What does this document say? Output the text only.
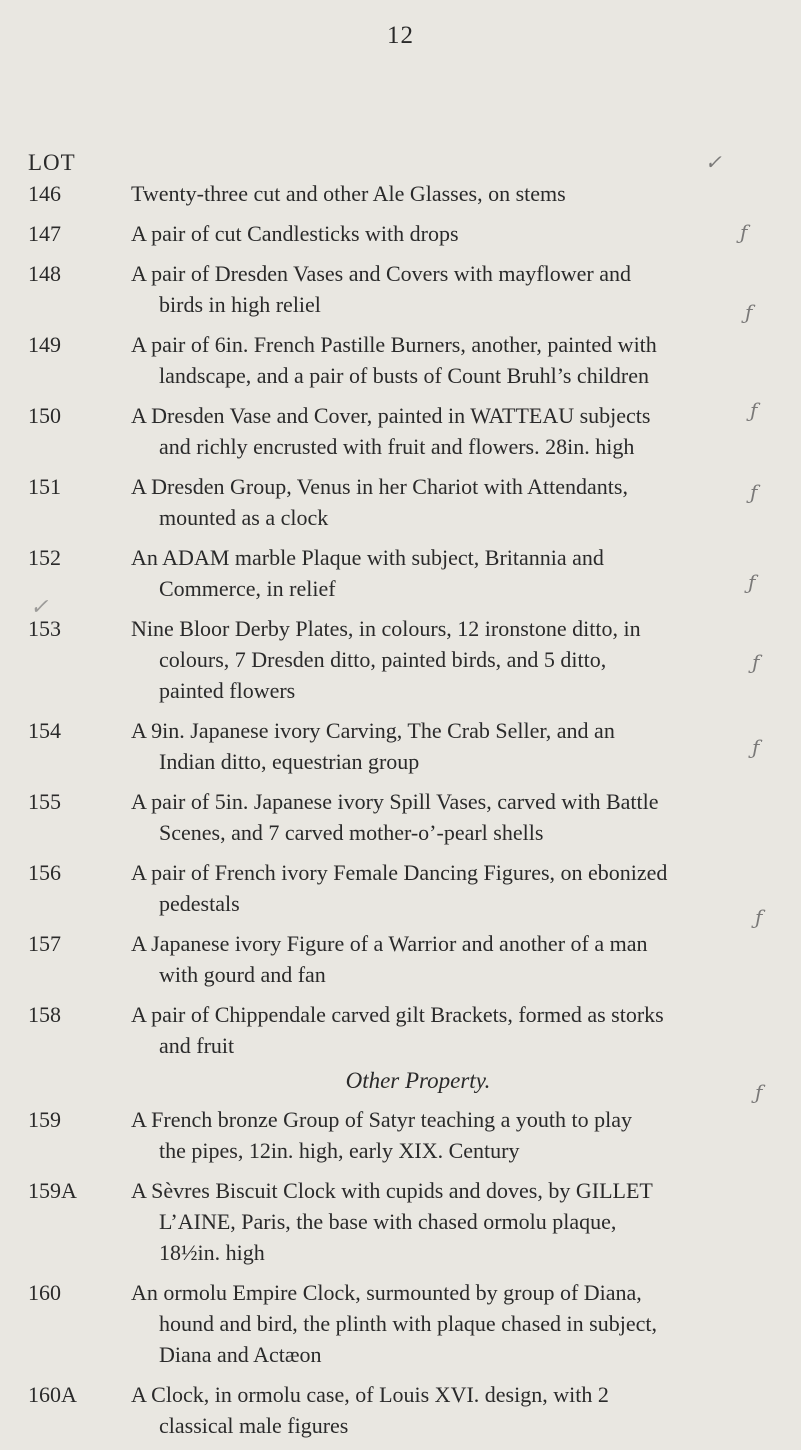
12
LOT
146	Twenty-three cut and other Ale Glasses, on stems
147	A pair of cut Candlesticks with drops
148	A pair of Dresden Vases and Covers with mayflower and
birds in high reliel
149	A pair of 6in. French Pastille Burners, another, painted with
landscape, and a pair of busts of Count Bruhl’s children
150	A Dresden Vase and Cover, painted in WATTEAU subjects
and richly encrusted with fruit and flowers. 28in. high
151	A Dresden Group, Venus in her Chariot with Attendants,
mounted as a clock
152	An ADAM marble Plaque with subject, Britannia and
Commerce, in relief
153	Nine Bloor Derby Plates, in colours, 12 ironstone ditto, in
colours, 7 Dresden ditto, painted birds, and 5 ditto,
painted flowers
154	A 9in. Japanese ivory Carving, The Crab Seller, and an
Indian ditto, equestrian group
155	A pair of 5in. Japanese ivory Spill Vases, carved with Battle
Scenes, and 7 carved mother-o’-pearl shells
156	A pair of French ivory Female Dancing Figures, on ebonized
pedestals
157	A Japanese ivory Figure of a Warrior and another of a man
with gourd and fan
158	A pair of Chippendale carved gilt Brackets, formed as storks
and fruit
Other Property.
159	A French bronze Group of Satyr teaching a youth to play
the pipes, 12in. high, early XIX. Century
159A	A Sèvres Biscuit Clock with cupids and doves, by GILLET
L’AINE, Paris, the base with chased ormolu plaque,
18½in. high
160	An ormolu Empire Clock, surmounted by group of Diana,
hound and bird, the plinth with plaque chased in subject,
Diana and Actæon
160A	A Clock, in ormolu case, of Louis XVI. design, with 2
classical male figures
✓
✓
ƒ
ƒ
ƒ
ƒ
ƒ
ƒ
ƒ
ƒ
ƒ
